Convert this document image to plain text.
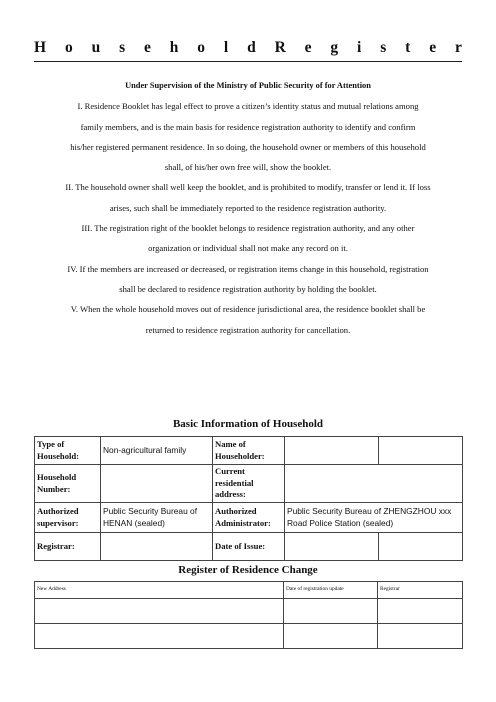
H o u s e h o l d R e g i s t e r

Under Supervision of the Ministry of Public Security of for Attention

I. Residence Booklet has legal effect to prove a citizen’s identity status and mutual relations among

family members, and is the main basis for residence registration authority to identify and confirm

his/her registered permanent residence. In so doing, the household owner or members of this household

shall, of his/her own free will, show the booklet.

II. The household owner shall well keep the booklet, and is prohibited to modify, transfer or lend it. If loss

arises, such shall be immediately reported to the residence registration authority.

III. The registration right of the booklet belongs to residence registration authority, and any other

organization or individual shall not make any record on it.

IV. If the members are increased or decreased, or registration items change in this household, registration

shall be declared to residence registration authority by holding the booklet.

V. When the whole household moves out of residence jurisdictional area, the residence booklet shall be

returned to residence registration authority for cancellation.

Basic Information of Household
Type of Household:	Non-agricultural family	Name of Householder:		
Household Number:		Current residential address:		
Authorized supervisor:	Public Security Bureau of HENAN (sealed)	Authorized Administrator:	Public Security Bureau of ZHENGZHOU xxx Road Police Station (sealed)	
Registrar:		Date of Issue:		
Register of Residence Change
New Address	Date of registration update	Registrar
